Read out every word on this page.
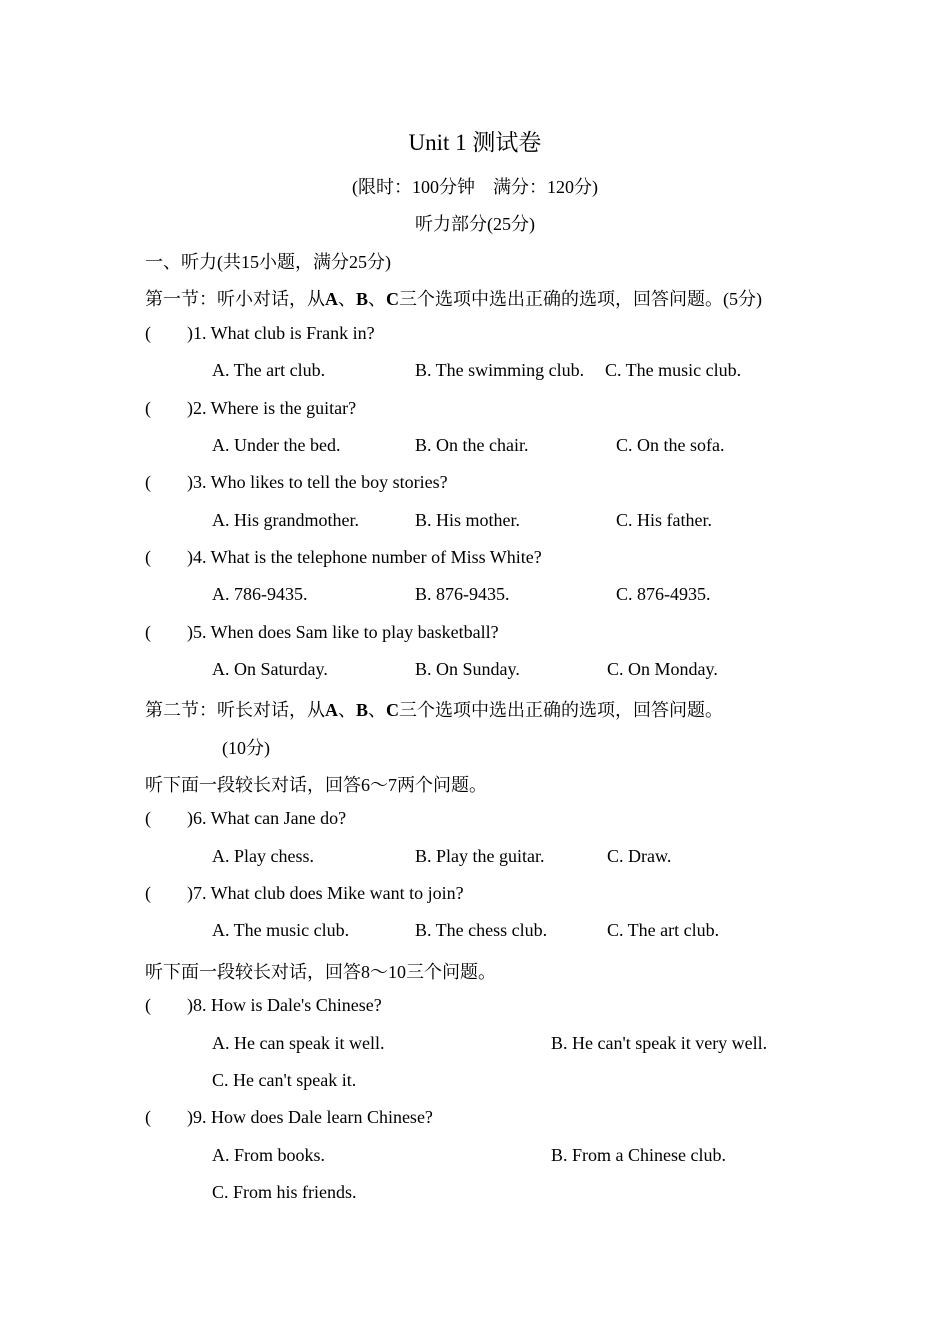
Unit 1 测试卷
(限时：100分钟　满分：120分)
听力部分(25分)
一、听力(共15小题，满分25分)
第一节：听小对话，从A、B、C三个选项中选出正确的选项，回答问题。(5分)
( )1. What club is Frank in?
A. The art club.	B. The swimming club. C. The music club.
( )2. Where is the guitar?
A. Under the bed.	B. On the chair.	C. On the sofa.
( )3. Who likes to tell the boy stories?
A. His grandmother.	B. His mother.	C. His father.
( )4. What is the telephone number of Miss White?
A. 786-9435.	B. 876-9435.	C. 876-4935.
( )5. When does Sam like to play basketball?
A. On Saturday.	B. On Sunday.	C. On Monday.
第二节：听长对话，从A、B、C三个选项中选出正确的选项，回答问题。
(10分)
听下面一段较长对话，回答6～7两个问题。
( )6. What can Jane do?
A. Play chess.	B. Play the guitar.	C. Draw.
( )7. What club does Mike want to join?
A. The music club.	B. The chess club.	C. The art club.
听下面一段较长对话，回答8～10三个问题。
( )8. How is Dale's Chinese?
A. He can speak it well.	B. He can't speak it very well.
C. He can't speak it.
( )9. How does Dale learn Chinese?
A. From books.	B. From a Chinese club.
C. From his friends.
